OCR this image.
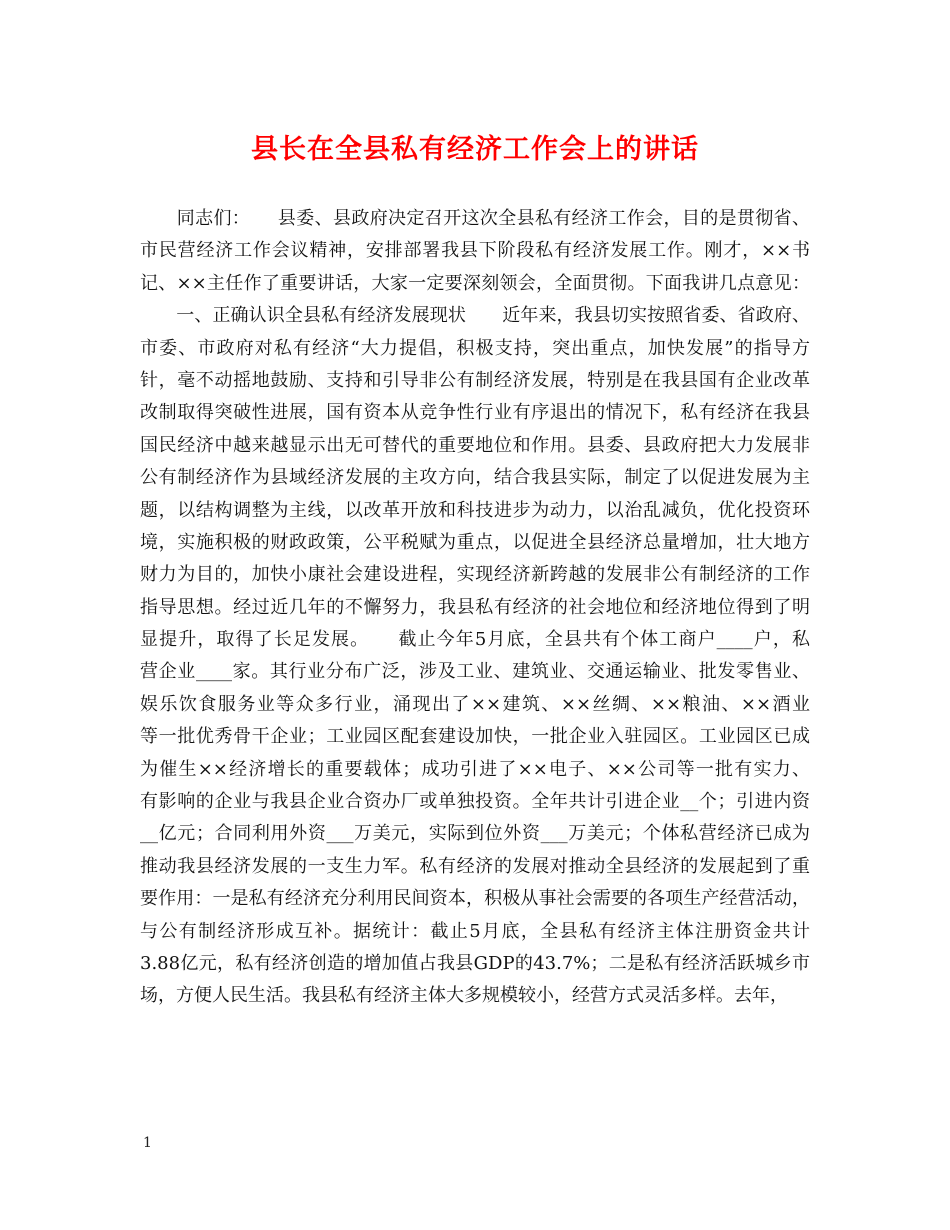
县长在全县私有经济工作会上的讲话
　　同志们：　　县委、县政府决定召开这次全县私有经济工作会，目的是贯彻省、
市民营经济工作会议精神，安排部署我县下阶段私有经济发展工作。刚才，××书
记、××主任作了重要讲话，大家一定要深刻领会，全面贯彻。下面我讲几点意见：
　　一、正确认识全县私有经济发展现状　　近年来，我县切实按照省委、省政府、
市委、市政府对私有经济“大力提倡，积极支持，突出重点，加快发展”的指导方
针，毫不动摇地鼓励、支持和引导非公有制经济发展，特别是在我县国有企业改革
改制取得突破性进展，国有资本从竞争性行业有序退出的情况下，私有经济在我县
国民经济中越来越显示出无可替代的重要地位和作用。县委、县政府把大力发展非
公有制经济作为县域经济发展的主攻方向，结合我县实际，制定了以促进发展为主
题，以结构调整为主线，以改革开放和科技进步为动力，以治乱减负，优化投资环
境，实施积极的财政政策，公平税赋为重点，以促进全县经济总量增加，壮大地方
财力为目的，加快小康社会建设进程，实现经济新跨越的发展非公有制经济的工作
指导思想。经过近几年的不懈努力，我县私有经济的社会地位和经济地位得到了明
显提升，取得了长足发展。　　截止今年5月底，全县共有个体工商户____户，私
营企业____家。其行业分布广泛，涉及工业、建筑业、交通运输业、批发零售业、
娱乐饮食服务业等众多行业，涌现出了××建筑、××丝绸、××粮油、××酒业
等一批优秀骨干企业；工业园区配套建设加快，一批企业入驻园区。工业园区已成
为催生××经济增长的重要载体；成功引进了××电子、××公司等一批有实力、
有影响的企业与我县企业合资办厂或单独投资。全年共计引进企业__个；引进内资
__亿元；合同利用外资___万美元，实际到位外资___万美元；个体私营经济已成为
推动我县经济发展的一支生力军。私有经济的发展对推动全县经济的发展起到了重
要作用：一是私有经济充分利用民间资本，积极从事社会需要的各项生产经营活动，
与公有制经济形成互补。据统计：截止5月底，全县私有经济主体注册资金共计
3.88亿元，私有经济创造的增加值占我县GDP的43.7%；二是私有经济活跃城乡市
场，方便人民生活。我县私有经济主体大多规模较小，经营方式灵活多样。去年，
1
